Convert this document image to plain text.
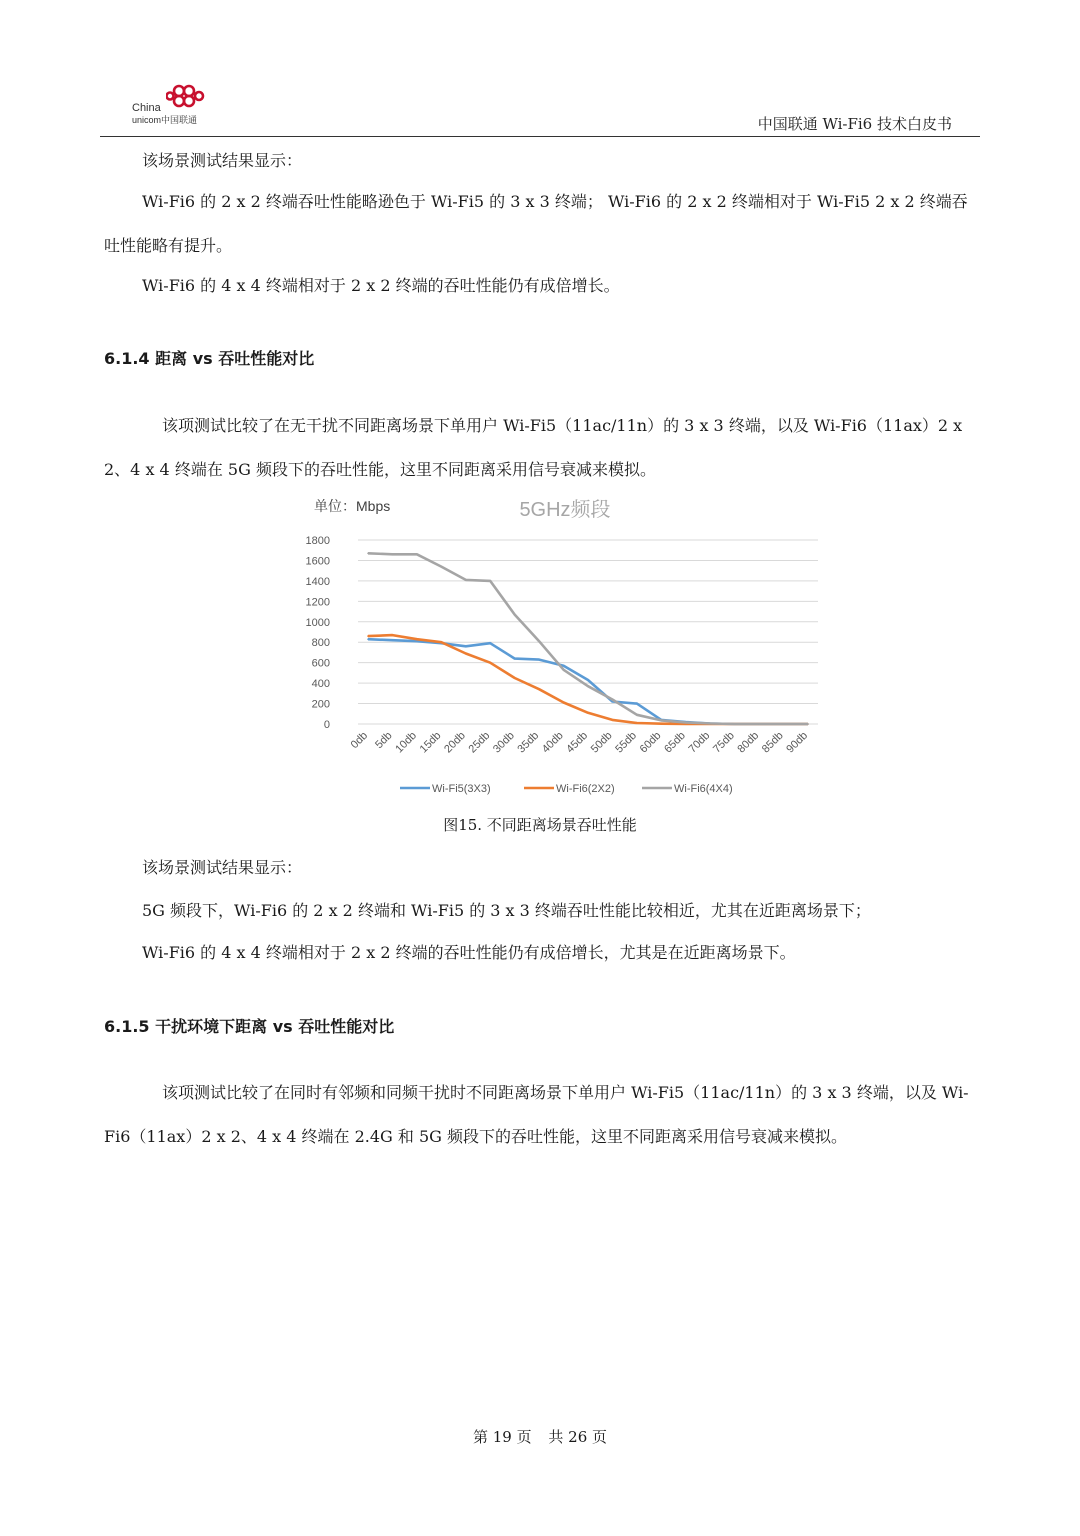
China
unicom中国联通	中国联通 Wi-Fi6 技术白皮书

该场景测试结果显示：

Wi-Fi6 的 2 x 2 终端吞吐性能略逊色于 Wi-Fi5 的 3 x 3 终端； Wi-Fi6 的 2 x 2 终端相对于 Wi-Fi5 2 x 2 终端吞吐性能略有提升。

Wi-Fi6 的 4 x 4 终端相对于 2 x 2 终端的吞吐性能仍有成倍增长。

6.1.4 距离 vs 吞吐性能对比

该项测试比较了在无干扰不同距离场景下单用户 Wi-Fi5（11ac/11n）的 3 x 3 终端，以及 Wi-Fi6（11ax）2 x 2、4 x 4 终端在 5G 频段下的吞吐性能，这里不同距离采用信号衰减来模拟。

单位：Mbps	5GHz频段
0
200
400
600
800
1000
1200
1400
1600
1800
0db 5db
10db
15db
20db
25db
30db
35db
40db
45db
50db
55db
60db
65db
70db
75db
80db
85db
90db
Wi-Fi5(3X3)	Wi-Fi6(2X2)	Wi-Fi6(4X4)
图15. 不同距离场景吞吐性能

该场景测试结果显示：

5G 频段下，Wi-Fi6 的 2 x 2 终端和 Wi-Fi5 的 3 x 3 终端吞吐性能比较相近，尤其在近距离场景下；

Wi-Fi6 的 4 x 4 终端相对于 2 x 2 终端的吞吐性能仍有成倍增长，尤其是在近距离场景下。

6.1.5 干扰环境下距离 vs 吞吐性能对比

该项测试比较了在同时有邻频和同频干扰时不同距离场景下单用户 Wi-Fi5（11ac/11n）的 3 x 3 终端，以及 Wi-Fi6（11ax）2 x 2、4 x 4 终端在 2.4G 和 5G 频段下的吞吐性能，这里不同距离采用信号衰减来模拟。

第 19 页 共 26 页
